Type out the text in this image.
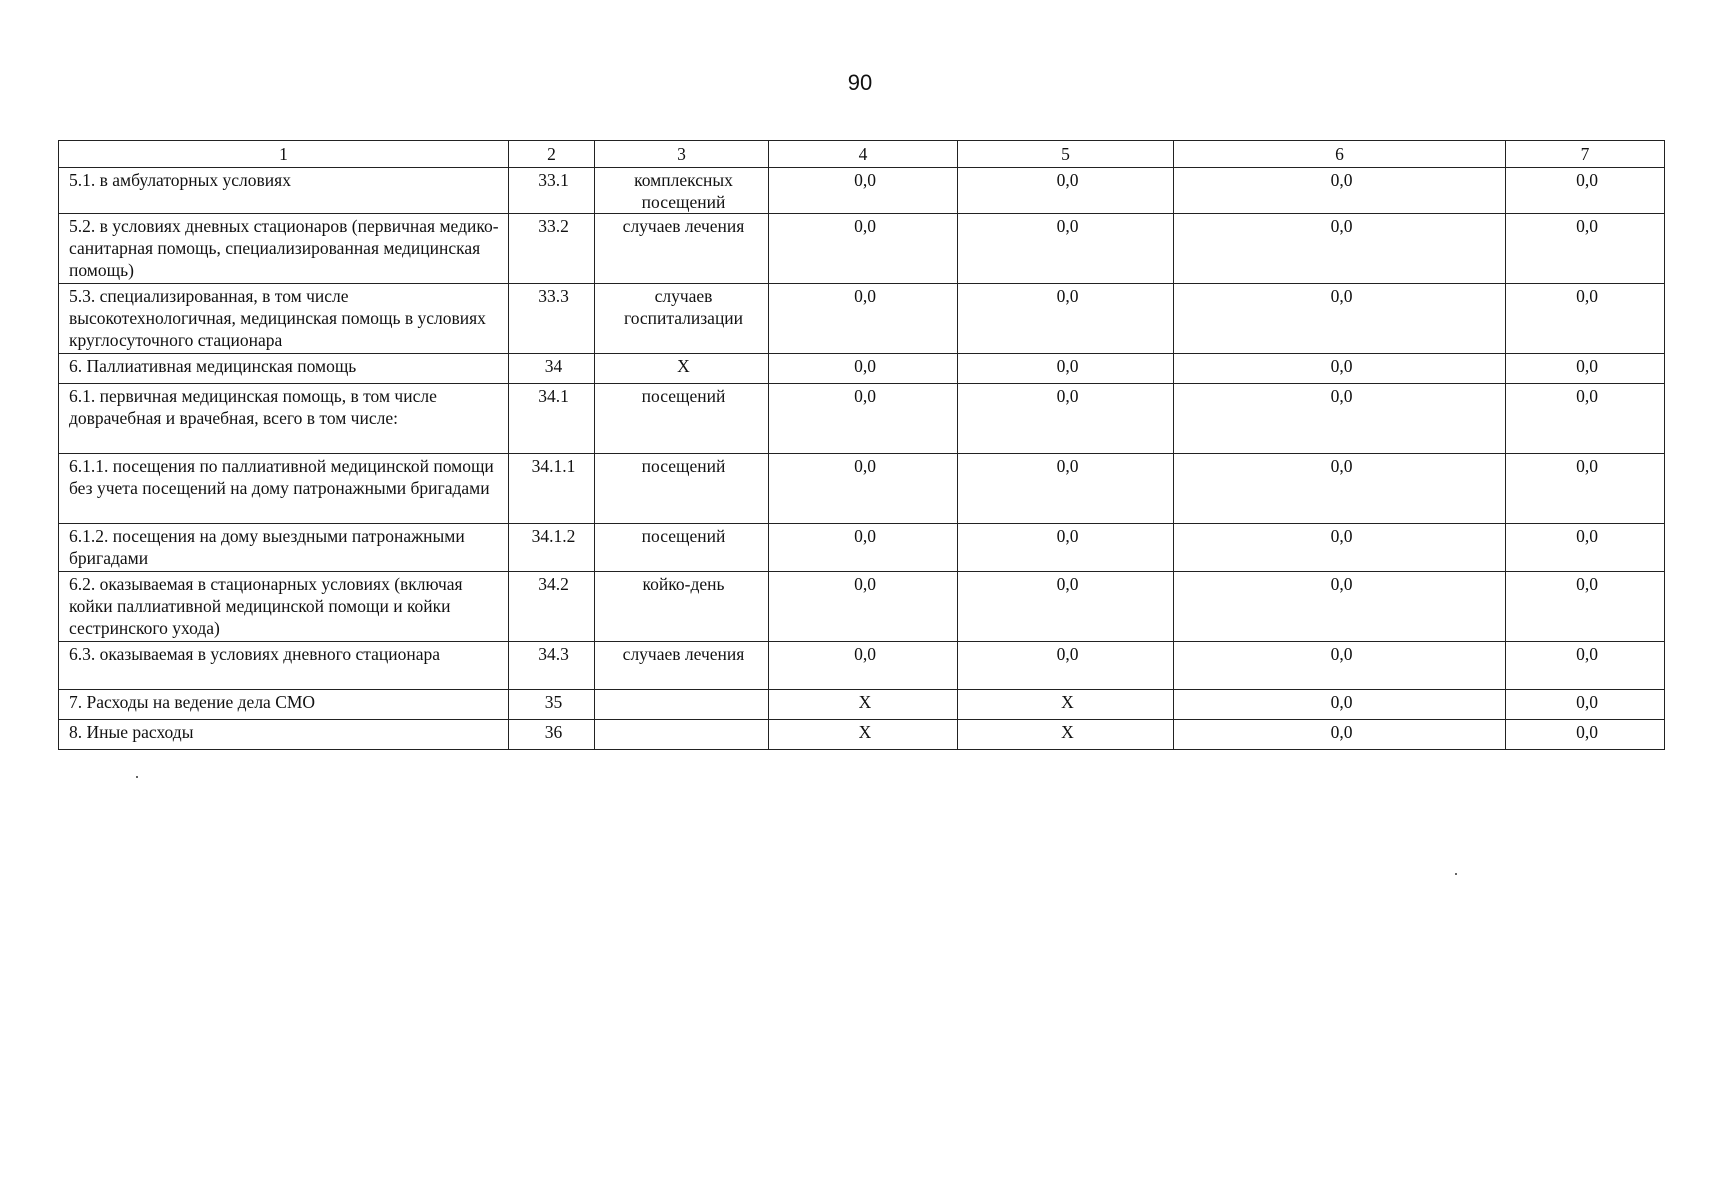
90
1	2	3	4	5	6	7
5.1. в амбулаторных условиях	33.1	комплексных посещений	0,0	0,0	0,0	0,0
5.2. в условиях дневных стационаров (первичная медико-санитарная помощь, специализированная медицинская помощь)	33.2	случаев лечения	0,0	0,0	0,0	0,0
5.3. специализированная, в том числе высокотехнологичная, медицинская помощь в условиях круглосуточного стационара	33.3	случаев госпитализации	0,0	0,0	0,0	0,0
6. Паллиативная медицинская помощь	34	X	0,0	0,0	0,0	0,0
6.1. первичная медицинская помощь, в том числе доврачебная и врачебная, всего в том числе:	34.1	посещений	0,0	0,0	0,0	0,0
6.1.1. посещения по паллиативной медицинской помощи без учета посещений на дому патронажными бригадами	34.1.1	посещений	0,0	0,0	0,0	0,0
6.1.2. посещения на дому выездными патронажными бригадами	34.1.2	посещений	0,0	0,0	0,0	0,0
6.2. оказываемая в стационарных условиях (включая койки паллиативной медицинской помощи и койки сестринского ухода)	34.2	койко-день	0,0	0,0	0,0	0,0
6.3. оказываемая в условиях дневного стационара	34.3	случаев лечения	0,0	0,0	0,0	0,0
7. Расходы на ведение дела СМО	35		X	X	0,0	0,0
8. Иные расходы	36		X	X	0,0	0,0
